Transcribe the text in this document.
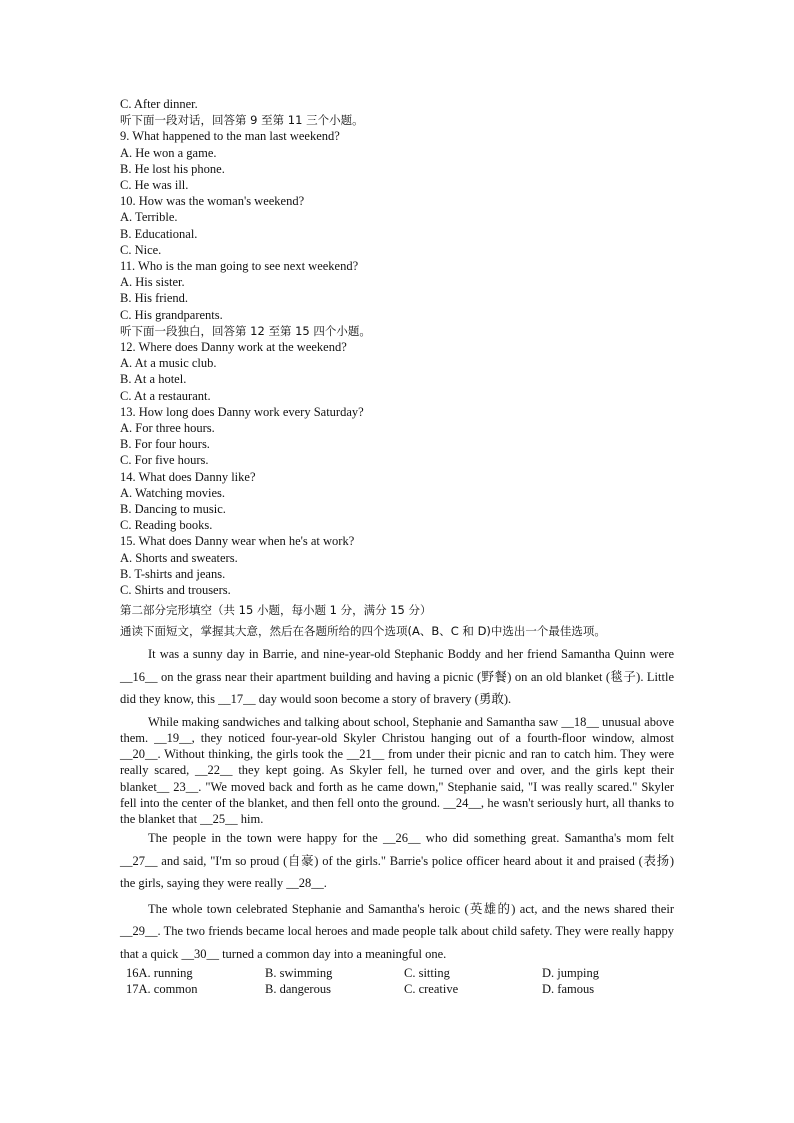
C. After dinner.
听下面一段对话，回答第 9 至第 11 三个小题。
9. What happened to the man last weekend?
A. He won a game.
B. He lost his phone.
C. He was ill.
10. How was the woman's weekend?
A. Terrible.
B. Educational.
C. Nice.
11. Who is the man going to see next weekend?
A. His sister.
B. His friend.
C. His grandparents.
听下面一段独白，回答第 12 至第 15 四个小题。
12. Where does Danny work at the weekend?
A. At a music club.
B. At a hotel.
C. At a restaurant.
13. How long does Danny work every Saturday?
A. For three hours.
B. For four hours.
C. For five hours.
14. What does Danny like?
A. Watching movies.
B. Dancing to music.
C. Reading books.
15. What does Danny wear when he's at work?
A. Shorts and sweaters.
B. T-shirts and jeans.
C. Shirts and trousers.
第二部分完形填空（共 15 小题，每小题 1 分，满分 15 分）
通读下面短文，掌握其大意，然后在各题所给的四个选项(A、B、C 和 D)中选出一个最佳选项。

It was a sunny day in Barrie, and nine-year-old Stephanic Boddy and her friend Samantha Quinn were __16__ on the grass near their apartment building and having a picnic (野餐) on an old blanket (毯子). Little did they know, this __17__ day would soon become a story of bravery (勇敢).

While making sandwiches and talking about school, Stephanie and Samantha saw __18__ unusual above them. __19__, they noticed four-year-old Skyler Christou hanging out of a fourth-floor window, almost __20__. Without thinking, the girls took the __21__ from under their picnic and ran to catch him. They were really scared, __22__ they kept going. As Skyler fell, he turned over and over, and the girls kept their blanket__ 23__. "We moved back and forth as he came down," Stephanie said, "I was really scared." Skyler fell into the center of the blanket, and then fell onto the ground. __24__, he wasn't seriously hurt, all thanks to the blanket that __25__ him.

The people in the town were happy for the __26__ who did something great. Samantha's mom felt __27__ and said, "I'm so proud (自豪) of the girls." Barrie's police officer heard about it and praised (表扬) the girls, saying they were really __28__.

The whole town celebrated Stephanie and Samantha's heroic (英雄的) act, and the news shared their __29__. The two friends became local heroes and made people talk about child safety. They were really happy that a quick __30__ turned a common day into a meaningful one.

16A. running	B. swimming	C. sitting	D. jumping
17A. common	B. dangerous	C. creative	D. famous
